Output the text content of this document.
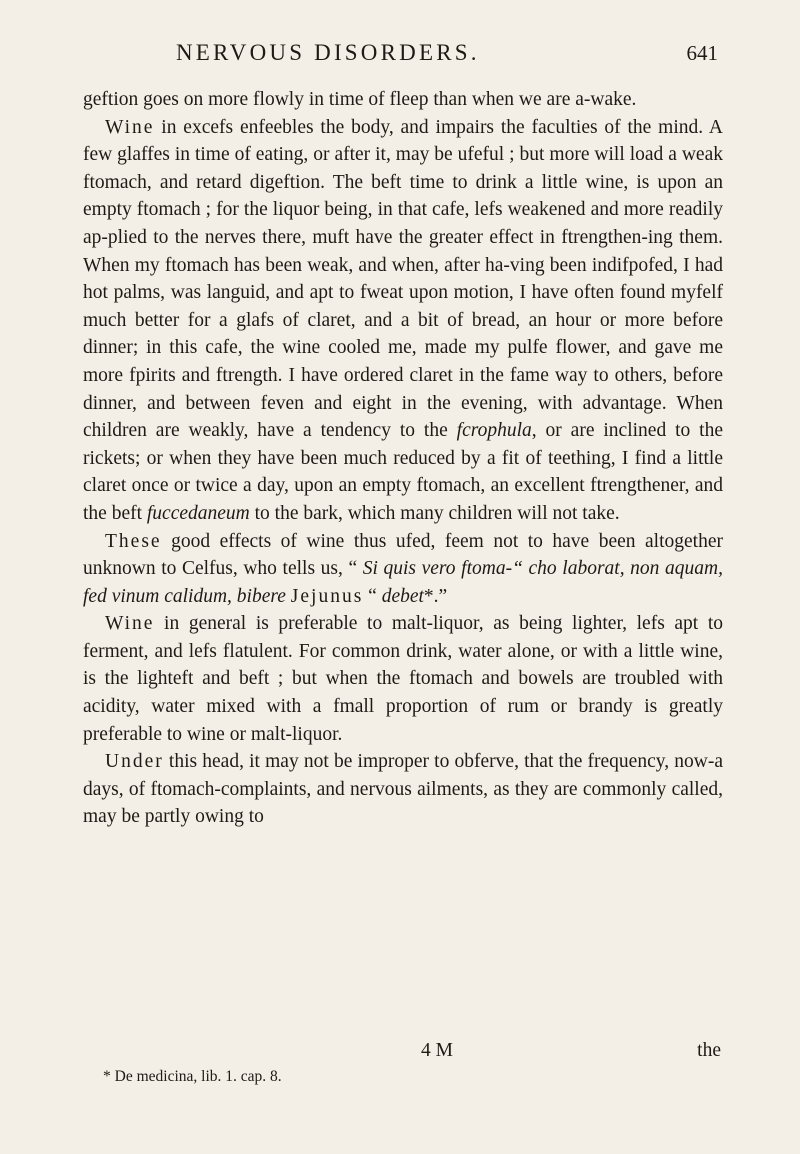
NERVOUS DISORDERS.	641

geftion goes on more flowly in time of fleep than when we are a-wake.

Wine in excefs enfeebles the body, and impairs the faculties of the mind. A few glaffes in time of eating, or after it, may be ufeful ; but more will load a weak ftomach, and retard digeftion. The beft time to drink a little wine, is upon an empty ftomach ; for the liquor being, in that cafe, lefs weakened and more readily ap-plied to the nerves there, muft have the greater effect in ftrengthen-ing them. When my ftomach has been weak, and when, after ha-ving been indifpofed, I had hot palms, was languid, and apt to fweat upon motion, I have often found myfelf much better for a glafs of claret, and a bit of bread, an hour or more before dinner; in this cafe, the wine cooled me, made my pulfe flower, and gave me more fpirits and ftrength. I have ordered claret in the fame way to others, before dinner, and between feven and eight in the evening, with advantage. When children are weakly, have a tendency to the fcrophula, or are inclined to the rickets; or when they have been much reduced by a fit of teething, I find a little claret once or twice a day, upon an empty ftomach, an excellent ftrengthener, and the beft fuccedaneum to the bark, which many children will not take.

These good effects of wine thus ufed, feem not to have been altogether unknown to Celfus, who tells us, “ Si quis vero ftoma-“ cho laborat, non aquam, fed vinum calidum, bibere Jejunus “ debet*.”

Wine in general is preferable to malt-liquor, as being lighter, lefs apt to ferment, and lefs flatulent. For common drink, water alone, or with a little wine, is the lighteft and beft ; but when the ftomach and bowels are troubled with acidity, water mixed with a fmall proportion of rum or brandy is greatly preferable to wine or malt-liquor.

Under this head, it may not be improper to obferve, that the frequency, now-a days, of ftomach-complaints, and nervous ailments, as they are commonly called, may be partly owing to

4 M	the
* De medicina, lib. 1. cap. 8.
